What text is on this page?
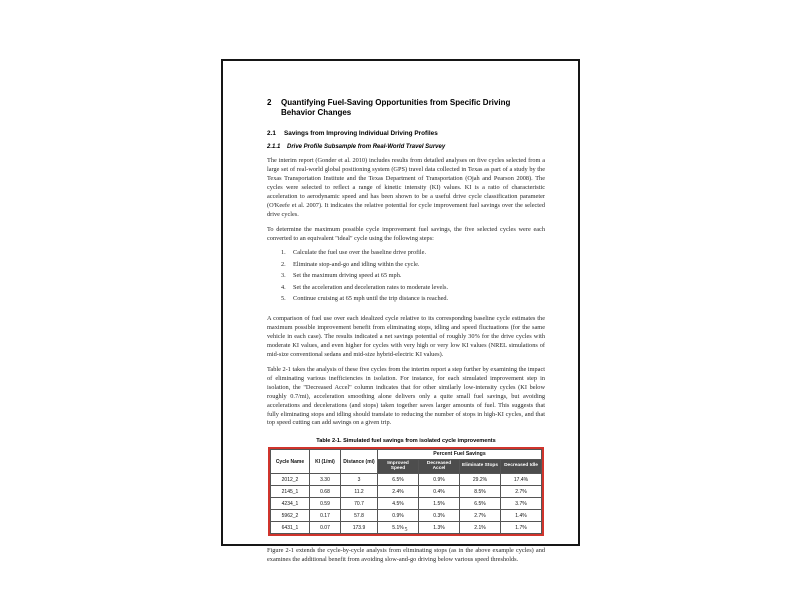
2	Quantifying Fuel-Saving Opportunities from Specific Driving Behavior Changes
2.1	Savings from Improving Individual Driving Profiles
2.1.1	Drive Profile Subsample from Real-World Travel Survey

The interim report (Gonder et al. 2010) includes results from detailed analyses on five cycles selected from a large set of real-world global positioning system (GPS) travel data collected in Texas as part of a study by the Texas Transportation Institute and the Texas Department of Transportation (Ojah and Pearson 2008). The cycles were selected to reflect a range of kinetic intensity (KI) values. KI is a ratio of characteristic acceleration to aerodynamic speed and has been shown to be a useful drive cycle classification parameter (O'Keefe et al. 2007). It indicates the relative potential for cycle improvement fuel savings over the selected drive cycles.

To determine the maximum possible cycle improvement fuel savings, the five selected cycles were each converted to an equivalent "ideal" cycle using the following steps:

1.	Calculate the fuel use over the baseline drive profile.
2.	Eliminate stop-and-go and idling within the cycle.
3.	Set the maximum driving speed at 65 mph.
4.	Set the acceleration and deceleration rates to moderate levels.
5.	Continue cruising at 65 mph until the trip distance is reached.

A comparison of fuel use over each idealized cycle relative to its corresponding baseline cycle estimates the maximum possible improvement benefit from eliminating stops, idling and speed fluctuations (for the same vehicle in each case). The results indicated a net savings potential of roughly 30% for the drive cycles with moderate KI values, and even higher for cycles with very high or very low KI values (NREL simulations of mid-size conventional sedans and mid-size hybrid-electric KI values).

Table 2-1 takes the analysis of these five cycles from the interim report a step further by examining the impact of eliminating various inefficiencies in isolation. For instance, for each simulated improvement step in isolation, the "Decreased Accel" column indicates that for other similarly low-intensity cycles (KI below roughly 0.7/mi), acceleration smoothing alone delivers only a quite small fuel savings, but avoiding accelerations and decelerations (and stops) taken together saves larger amounts of fuel. This suggests that fully eliminating stops and idling should translate to reducing the number of stops in high-KI cycles, and that top speed cutting can add savings on a given trip.

Table 2-1. Simulated fuel savings from isolated cycle improvements
Cycle Name	KI (1/mi)	Distance (mi)	Percent Fuel Savings			
			Improved Speed	Decreased Accel	Eliminate Stops	Decreased Idle
2012_2	3.30	3	6.5%	0.9%	29.2%	17.4%
2145_1	0.68	11.2	2.4%	0.4%	8.5%	2.7%
4234_1	0.59	70.7	4.5%	1.5%	6.5%	3.7%
5962_2	0.17	57.8	0.9%	0.3%	2.7%	1.4%
6431_1	0.07	173.9	5.1%	1.3%	2.1%	1.7%

Figure 2-1 extends the cycle-by-cycle analysis from eliminating stops (as in the above example cycles) and examines the additional benefit from avoiding slow-and-go driving below various speed thresholds.

5
